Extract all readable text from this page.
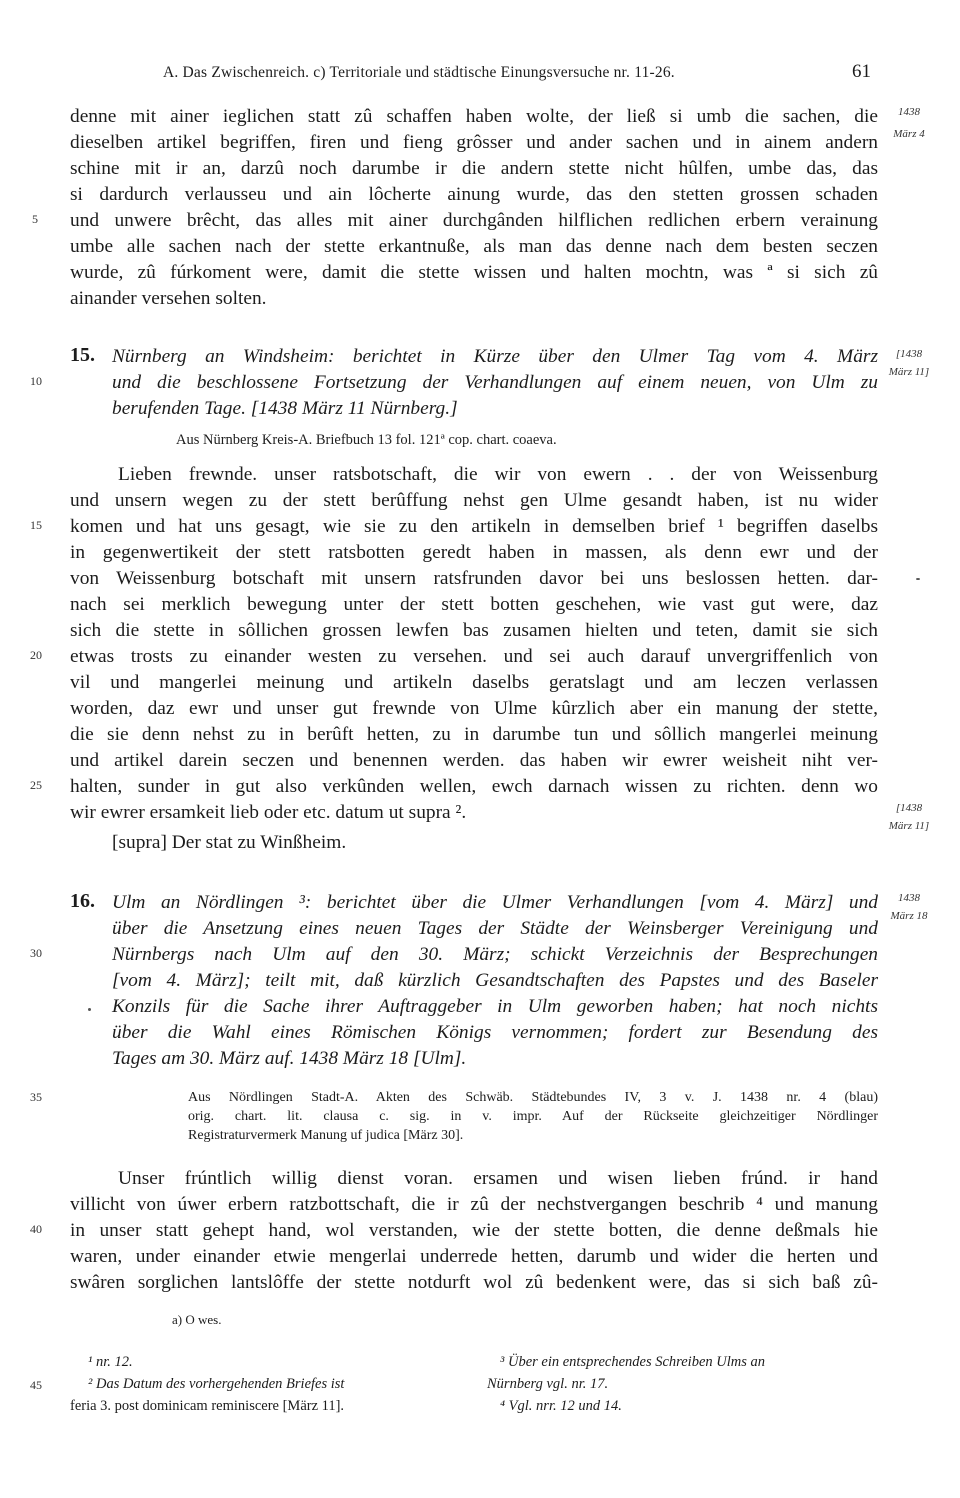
A. Das Zwischenreich. c) Territoriale und städtische Einungsversuche nr. 11-26.	61
denne mit ainer ieglichen statt zû schaffen haben wolte, der ließ si umb die sachen, die
dieselben artikel begriffen, firen und fieng grôsser und ander sachen und in ainem andern
schine mit ir an, darzû noch darumbe ir die andern stette nicht hûlfen, umbe das, das
si dardurch verlausseu und ain lôcherte ainung wurde, das den stetten grossen schaden
und unwere brêcht, das alles mit ainer durchgânden hilflichen redlichen erbern verainung
umbe alle sachen nach der stette erkantnuße, als man das denne nach dem besten seczen
wurde, zû fúrkoment were, damit die stette wissen und halten mochtn, was ª si sich zû
ainander versehen solten.
15. Nürnberg an Windsheim: berichtet in Kürze über den Ulmer Tag vom 4. März
und die beschlossene Fortsetzung der Verhandlungen auf einem neuen, von Ulm zu
berufenden Tage. [1438 März 11 Nürnberg.]
Aus Nürnberg Kreis-A. Briefbuch 13 fol. 121ª cop. chart. coaeva.
Lieben frewnde. unser ratsbotschaft, die wir von ewern . . der von Weissenburg
und unsern wegen zu der stett berûffung nehst gen Ulme gesandt haben, ist nu wider
komen und hat uns gesagt, wie sie zu den artikeln in demselben brief ¹ begriffen daselbs
in gegenwertikeit der stett ratsbotten geredt haben in massen, als denn ewr und der
von Weissenburg botschaft mit unsern ratsfrunden davor bei uns beslossen hetten. dar-
nach sei merklich bewegung unter der stett botten geschehen, wie vast gut were, daz
sich die stette in sôllichen grossen lewfen bas zusamen hielten und teten, damit sie sich
etwas trosts zu einander westen zu versehen. und sei auch darauf unvergriffenlich von
vil und mangerlei meinung und artikeln daselbs geratslagt und am leczen verlassen
worden, daz ewr und unser gut frewnde von Ulme kûrzlich aber ein manung der stette,
die sie denn nehst zu in berûft hetten, zu in darumbe tun und sôllich mangerlei meinung
und artikel darein seczen und benennen werden. das haben wir ewrer weisheit niht ver-
halten, sunder in gut also verkûnden wellen, ewch darnach wissen zu richten. denn wo
wir ewrer ersamkeit lieb oder etc. datum ut supra ².
[supra] Der stat zu Winßheim.
16. Ulm an Nördlingen ³: berichtet über die Ulmer Verhandlungen [vom 4. März] und
über die Ansetzung eines neuen Tages der Städte der Weinsberger Vereinigung und
Nürnbergs nach Ulm auf den 30. März; schickt Verzeichnis der Besprechungen
[vom 4. März]; teilt mit, daß kürzlich Gesandtschaften des Papstes und des Baseler
Konzils für die Sache ihrer Auftraggeber in Ulm geworben haben; hat noch nichts
über die Wahl eines Römischen Königs vernommen; fordert zur Besendung des
Tages am 30. März auf. 1438 März 18 [Ulm].
Aus Nördlingen Stadt-A. Akten des Schwäb. Städtebundes IV, 3 v. J. 1438 nr. 4 (blau)
orig. chart. lit. clausa c. sig. in v. impr. Auf der Rückseite gleichzeitiger Nördlinger
Registraturvermerk Manung uf judica [März 30].
Unser frúntlich willig dienst voran. ersamen und wisen lieben frúnd. ir hand
villicht von úwer erbern ratzbottschaft, die ir zû der nechstvergangen beschrib ⁴ und manung
in unser statt gehept hand, wol verstanden, wie der stette botten, die denne deßmals hie
waren, under einander etwie mengerlai underrede hetten, darumb und wider die herten und
swâren sorglichen lantslôffe der stette notdurft wol zû bedenkent were, das si sich baß zû-
a) O wes.
¹ nr. 12.
² Das Datum des vorhergehenden Briefes ist
feria 3. post dominicam reminiscere [März 11].
³ Über ein entsprechendes Schreiben Ulms an
Nürnberg vgl. nr. 17.
⁴ Vgl. nrr. 12 und 14.
5
10
15
20
25
30
35
40
45
1438
März 4
[1438
März 11]
[1438
März 11]
1438
März 18
